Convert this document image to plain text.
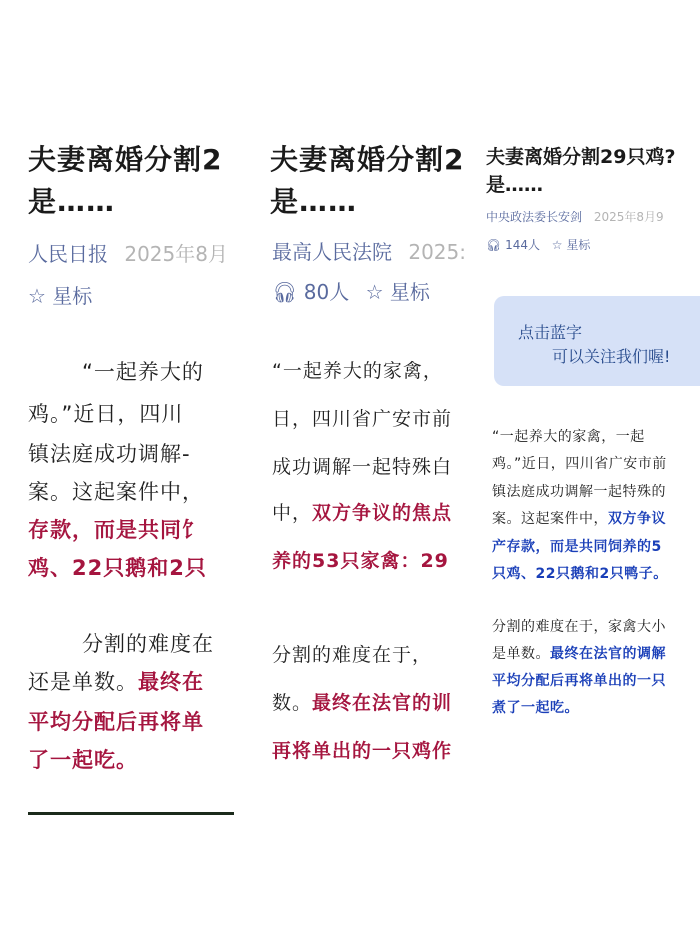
夫妻离婚分割2
是……
人民日报 2025年8月
☆ 星标
“一起养大的
鸡。”近日，四川
镇法庭成功调解-
案。这起案件中，
存款，而是共同饣
鸡、22只鹅和2只
分割的难度在
还是单数。最终在
平均分配后再将单
了一起吃。
夫妻离婚分割2
是……
最高人民法院 2025:
🎧︎ 80人 ☆ 星标
“一起养大的家禽，
日，四川省广安市前
成功调解一起特殊白
中，双方争议的焦点
养的53只家禽：29
分割的难度在于，
数。最终在法官的训
再将单出的一只鸡作
夫妻离婚分割29只鸡?
是……
中央政法委长安剑 2025年8月9
🎧︎ 144人 ☆ 星标
点击蓝字
可以关注我们喔!
“一起养大的家禽，一起
鸡。”近日，四川省广安市前
镇法庭成功调解一起特殊的
案。这起案件中，双方争议
产存款，而是共同饲养的5
只鸡、22只鹅和2只鸭子。
分割的难度在于，家禽大小
是单数。最终在法官的调解
平均分配后再将单出的一只
煮了一起吃。
